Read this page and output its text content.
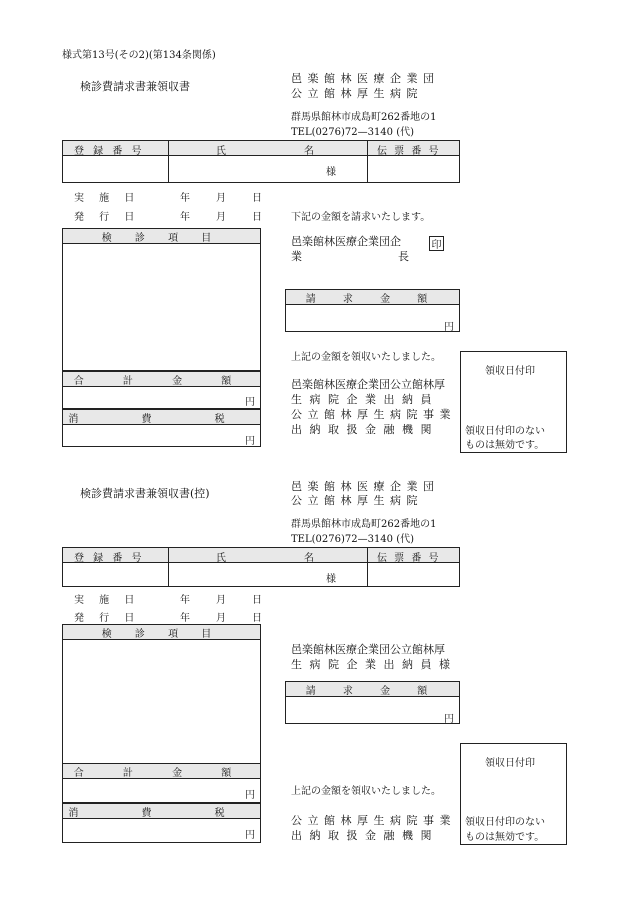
様式第13号(その2)(第134条関係)
検診費請求書兼領収書
邑 楽 館 林 医 療 企 業 団
公 立 館 林 厚 生 病 院
群馬県館林市成島町262番地の1
TEL(0276)72—3140 (代)
登 録 番 号	氏	名	伝 票 番 号
様
実 施 日	年	月	日
発 行 日	年	月	日	下記の金額を請求いたします。
検 診 項 目	邑楽館林医療企業団企
業	長
印
請 求 金 額
円
上記の金額を領収いたしました。
合 計 金 額
円
消 費 税
円
邑楽館林医療企業団公立館林厚
生 病 院 企 業 出 納 員
公 立 館 林 厚 生 病 院 事 業
出 納 取 扱 金 融 機 関
領収日付印
領収日付印のない
ものは無効です。
検診費請求書兼領収書(控)
邑 楽 館 林 医 療 企 業 団
公 立 館 林 厚 生 病 院
群馬県館林市成島町262番地の1
TEL(0276)72—3140 (代)
登 録 番 号	氏	名	伝 票 番 号
様
実 施 日	年	月	日
発 行 日	年	月	日
検 診 項 目
邑楽館林医療企業団公立館林厚
生 病 院 企 業 出 納 員 様
請 求 金 額
円
上記の金額を領収いたしました。
合 計 金 額
円
消 費 税
円
公 立 館 林 厚 生 病 院 事 業
出 納 取 扱 金 融 機 関
領収日付印
領収日付印のない
ものは無効です。
